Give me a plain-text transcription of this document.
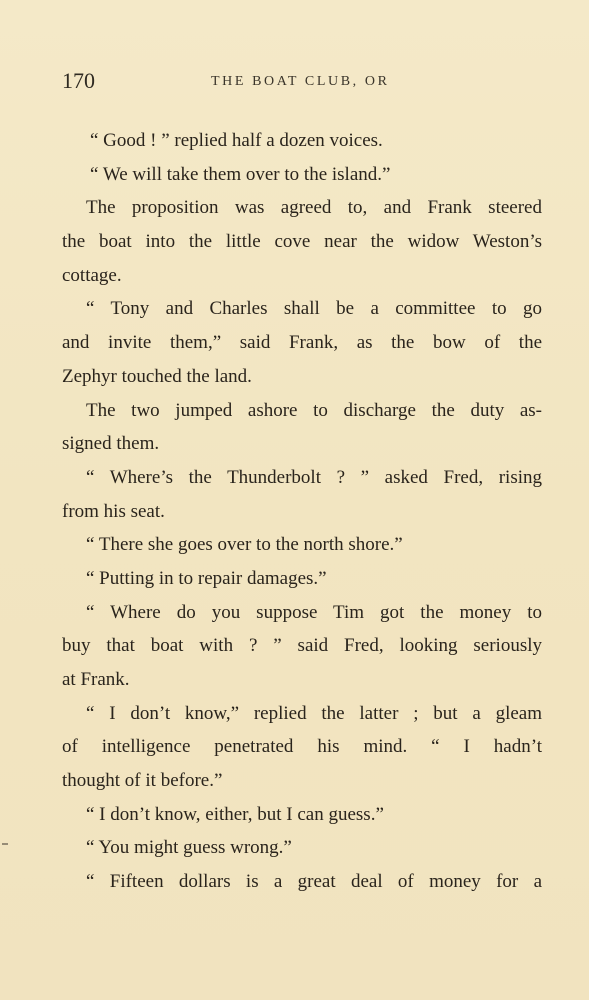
170	THE BOAT CLUB, OR
“ Good ! ” replied half a dozen voices.
“ We will take them over to the island.”
The proposition was agreed to, and Frank steered
the boat into the little cove near the widow Weston’s
cottage.
“ Tony and Charles shall be a committee to go
and invite them,” said Frank, as the bow of the
Zephyr touched the land.
The two jumped ashore to discharge the duty as-
signed them.
“ Where’s the Thunderbolt ? ” asked Fred, rising
from his seat.
“ There she goes over to the north shore.”
“ Putting in to repair damages.”
“ Where do you suppose Tim got the money to
buy that boat with ? ” said Fred, looking seriously
at Frank.
“ I don’t know,” replied the latter ; but a gleam
of intelligence penetrated his mind. “ I hadn’t
thought of it before.”
“ I don’t know, either, but I can guess.”
“ You might guess wrong.”
“ Fifteen dollars is a great deal of money for a
